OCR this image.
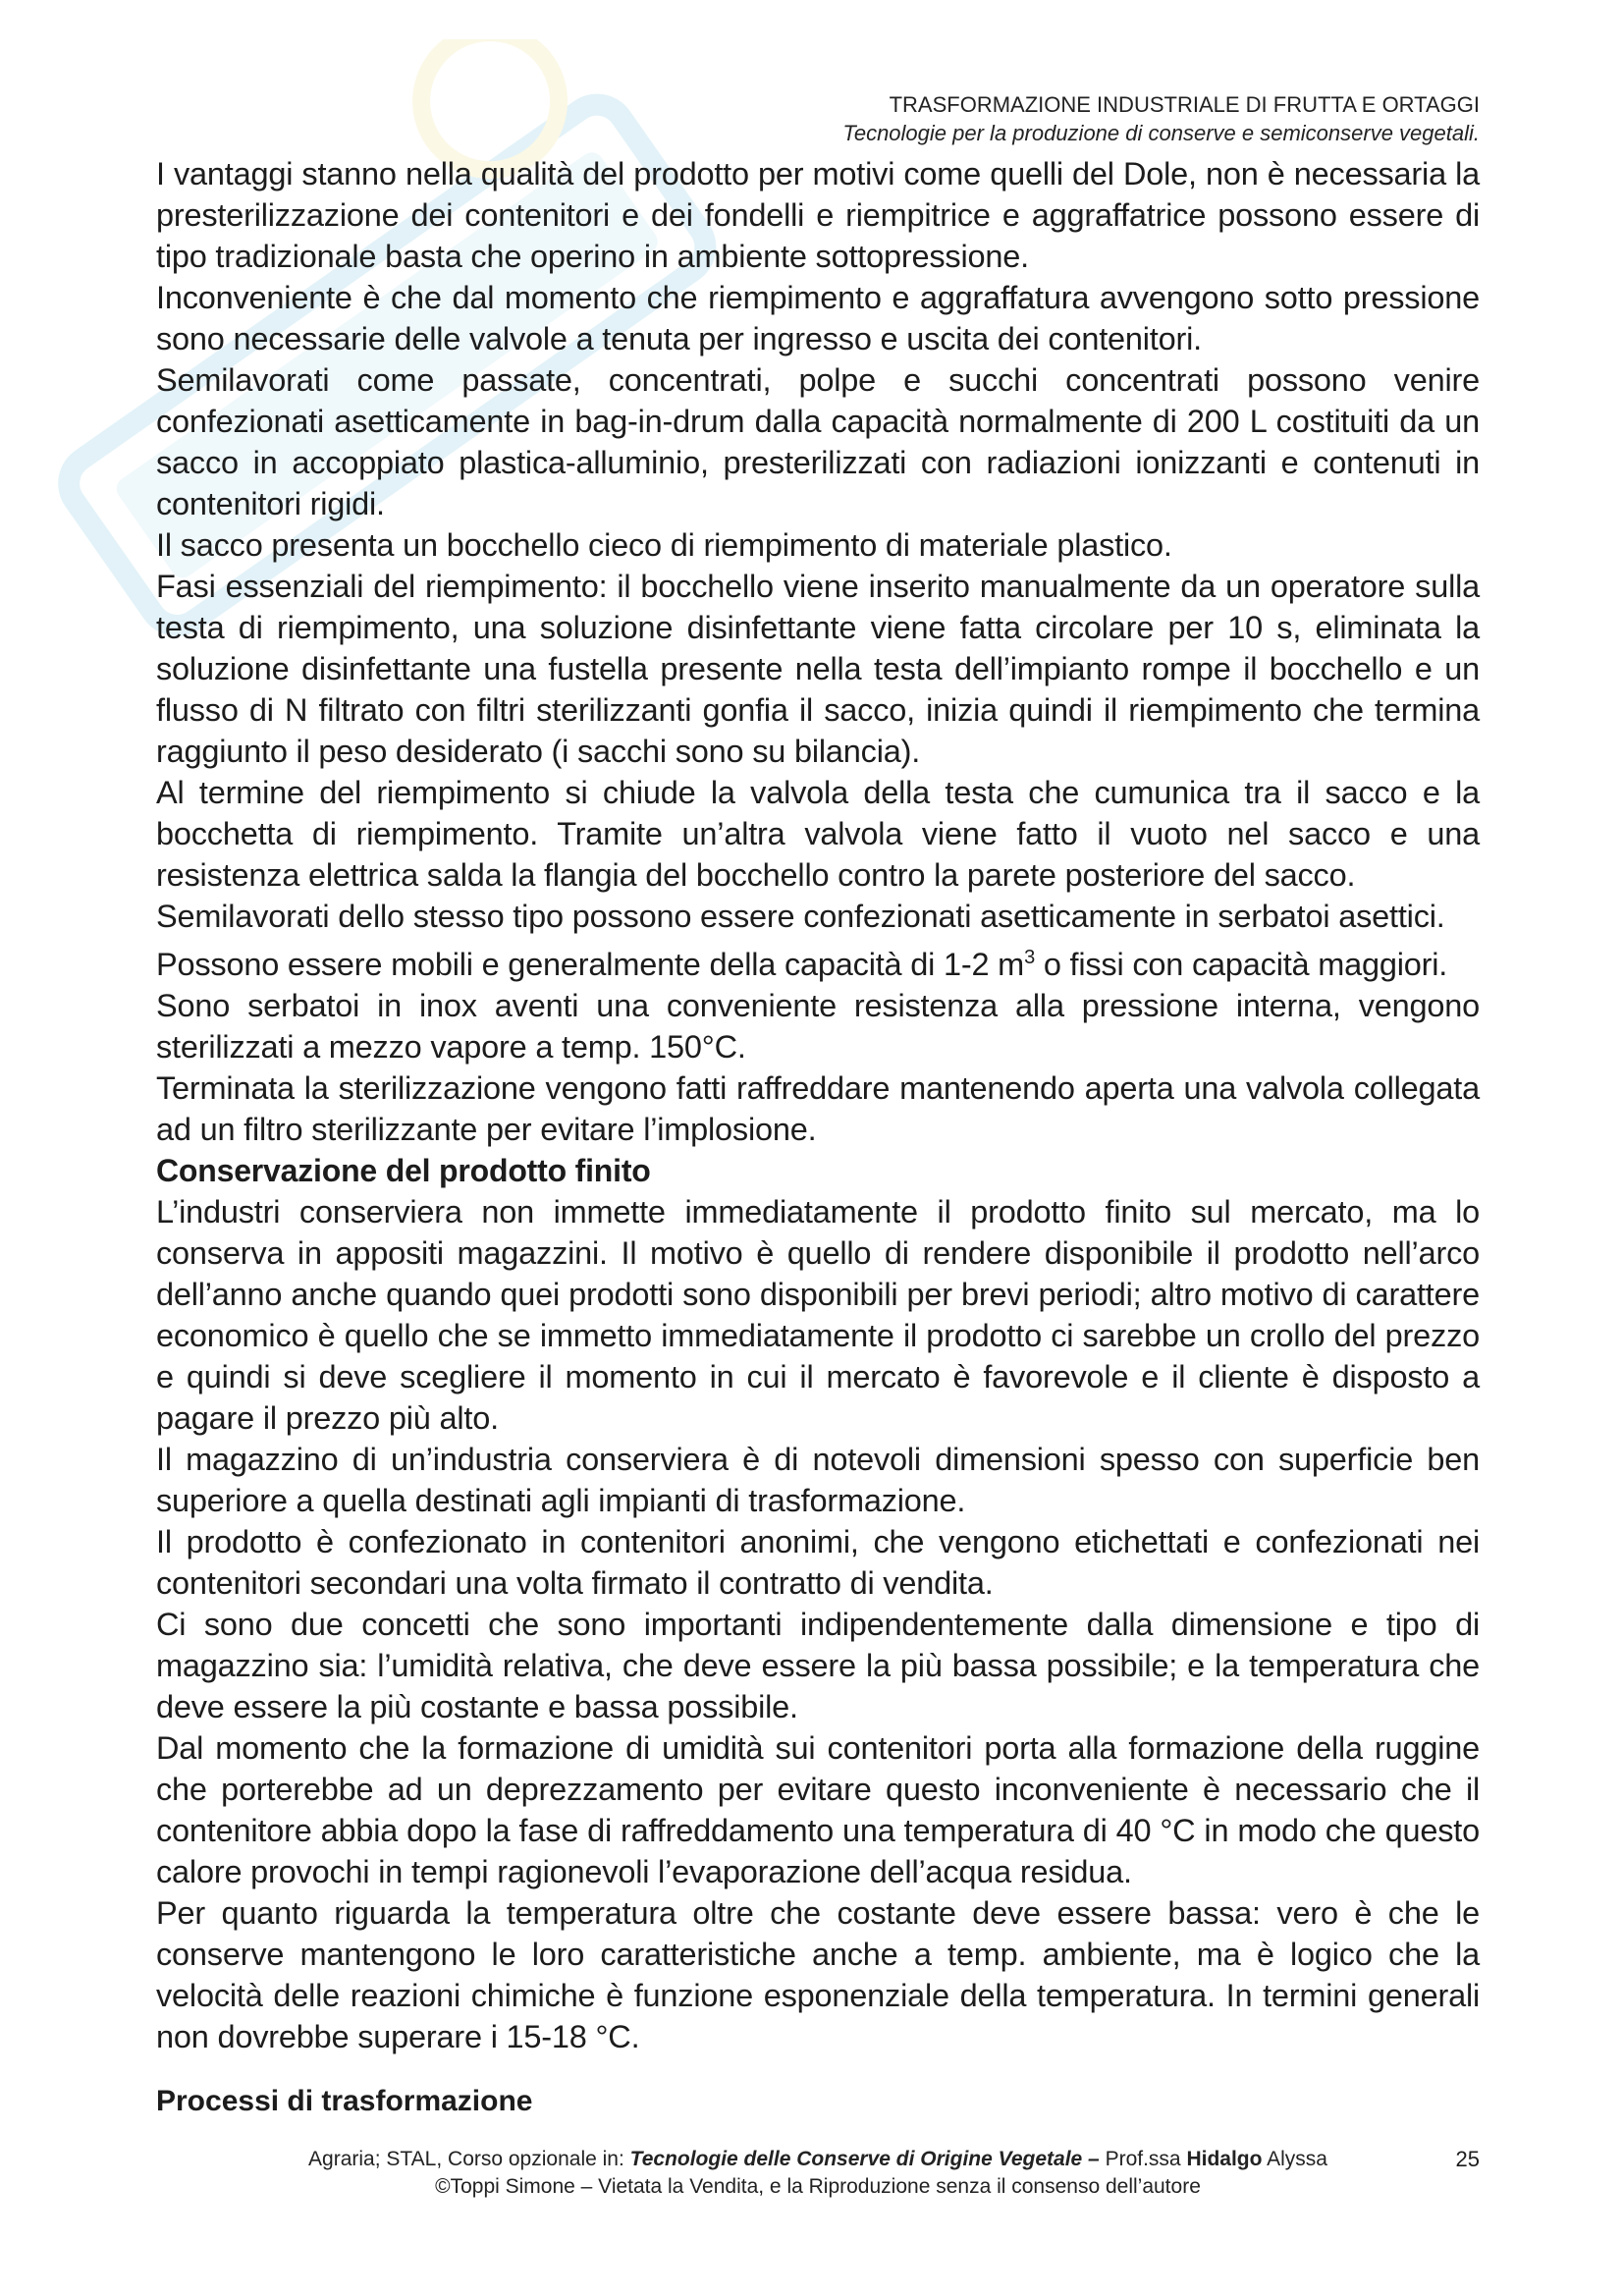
TRASFORMAZIONE INDUSTRIALE DI FRUTTA E ORTAGGI
Tecnologie per la produzione di conserve e semiconserve vegetali.

I vantaggi stanno nella qualità del prodotto per motivi come quelli del Dole, non è necessaria la presterilizzazione dei contenitori e dei fondelli e riempitrice e aggraffatrice possono essere di tipo tradizionale basta che operino in ambiente sottopressione.

Inconveniente è che dal momento che riempimento e aggraffatura avvengono sotto pressione sono necessarie delle valvole a tenuta per ingresso e uscita dei contenitori.

Semilavorati come passate, concentrati, polpe e succhi concentrati possono venire confezionati asetticamente in bag-in-drum dalla capacità normalmente di 200 L costituiti da un sacco in accoppiato plastica-alluminio, presterilizzati con radiazioni ionizzanti e contenuti in contenitori rigidi.

Il sacco presenta un bocchello cieco di riempimento di materiale plastico.

Fasi essenziali del riempimento: il bocchello viene inserito manualmente da un operatore sulla testa di riempimento, una soluzione disinfettante viene fatta circolare per 10 s, eliminata la soluzione disinfettante una fustella presente nella testa dell’impianto rompe il bocchello e un flusso di N filtrato con filtri sterilizzanti gonfia il sacco, inizia quindi il riempimento che termina raggiunto il peso desiderato (i sacchi sono su bilancia).

Al termine del riempimento si chiude la valvola della testa che cumunica tra il sacco e la bocchetta di riempimento. Tramite un’altra valvola viene fatto il vuoto nel sacco e una resistenza elettrica salda la flangia del bocchello contro la parete posteriore del sacco.

Semilavorati dello stesso tipo possono essere confezionati asetticamente in serbatoi asettici.

Possono essere mobili e generalmente della capacità di 1-2 $m^3$ o fissi con capacità maggiori.

Sono serbatoi in inox aventi una conveniente resistenza alla pressione interna, vengono sterilizzati a mezzo vapore a temp. 150°C.

Terminata la sterilizzazione vengono fatti raffreddare mantenendo aperta una valvola collegata ad un filtro sterilizzante per evitare l’implosione.

Conservazione del prodotto finito

L’industri conserviera non immette immediatamente il prodotto finito sul mercato, ma lo conserva in appositi magazzini. Il motivo è quello di rendere disponibile il prodotto nell’arco dell’anno anche quando quei prodotti sono disponibili per brevi periodi; altro motivo di carattere economico è quello che se immetto immediatamente il prodotto ci sarebbe un crollo del prezzo e quindi si deve scegliere il momento in cui il mercato è favorevole e il cliente è disposto a pagare il prezzo più alto.

Il magazzino di un’industria conserviera è di notevoli dimensioni spesso con superficie ben superiore a quella destinati agli impianti di trasformazione.

Il prodotto è confezionato in contenitori anonimi, che vengono etichettati e confezionati nei contenitori secondari una volta firmato il contratto di vendita.

Ci sono due concetti che sono importanti indipendentemente dalla dimensione e tipo di magazzino sia: l’umidità relativa, che deve essere la più bassa possibile; e la temperatura che deve essere la più costante e bassa possibile.

Dal momento che la formazione di umidità sui contenitori porta alla formazione della ruggine che porterebbe ad un deprezzamento per evitare questo inconveniente è necessario che il contenitore abbia dopo la fase di raffreddamento una temperatura di 40 °C in modo che questo calore provochi in tempi ragionevoli l’evaporazione dell’acqua residua.

Per quanto riguarda la temperatura oltre che costante deve essere bassa: vero è che le conserve mantengono le loro caratteristiche anche a temp. ambiente, ma è logico che la velocità delle reazioni chimiche è funzione esponenziale della temperatura. In termini generali non dovrebbe superare i 15-18 °C.

Processi di trasformazione
Agraria; STAL, Corso opzionale in: Tecnologie delle Conserve di Origine Vegetale – Prof.ssa Hidalgo Alyssa
©Toppi Simone – Vietata la Vendita, e la Riproduzione senza il consenso dell’autore
25
